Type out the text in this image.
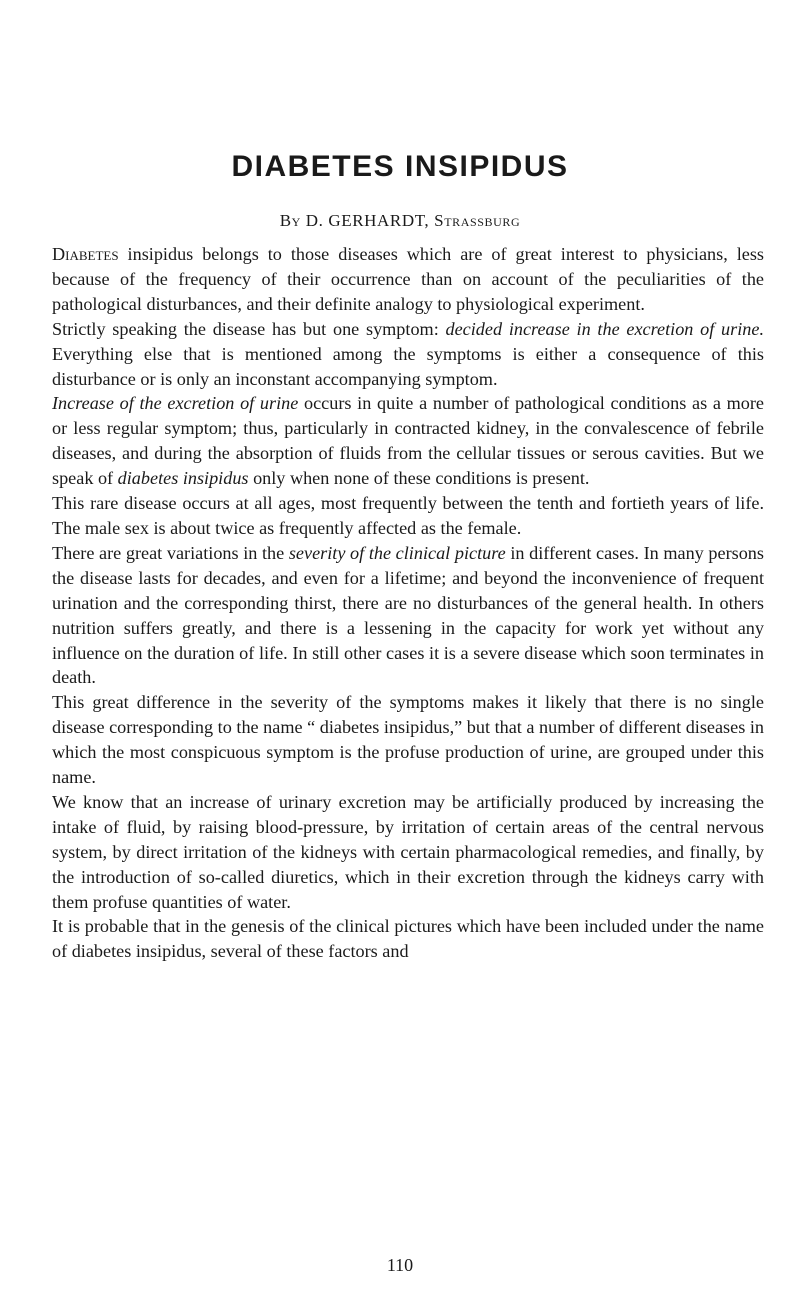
DIABETES INSIPIDUS
By D. GERHARDT, Strassburg

Diabetes insipidus belongs to those diseases which are of great interest to physicians, less because of the frequency of their occurrence than on account of the peculiarities of the pathological disturbances, and their definite analogy to physiological experiment.

Strictly speaking the disease has but one symptom: decided increase in the excretion of urine. Everything else that is mentioned among the symptoms is either a consequence of this disturbance or is only an inconstant accompanying symptom.

Increase of the excretion of urine occurs in quite a number of pathological conditions as a more or less regular symptom; thus, particularly in contracted kidney, in the convalescence of febrile diseases, and during the absorption of fluids from the cellular tissues or serous cavities. But we speak of diabetes insipidus only when none of these conditions is present.

This rare disease occurs at all ages, most frequently between the tenth and fortieth years of life. The male sex is about twice as frequently affected as the female.

There are great variations in the severity of the clinical picture in different cases. In many persons the disease lasts for decades, and even for a lifetime; and beyond the inconvenience of frequent urination and the corresponding thirst, there are no disturbances of the general health. In others nutrition suffers greatly, and there is a lessening in the capacity for work yet without any influence on the duration of life. In still other cases it is a severe disease which soon terminates in death.

This great difference in the severity of the symptoms makes it likely that there is no single disease corresponding to the name “ diabetes insipidus,” but that a number of different diseases in which the most conspicuous symptom is the profuse production of urine, are grouped under this name.

We know that an increase of urinary excretion may be artificially produced by increasing the intake of fluid, by raising blood-pressure, by irritation of certain areas of the central nervous system, by direct irritation of the kidneys with certain pharmacological remedies, and finally, by the introduction of so-called diuretics, which in their excretion through the kidneys carry with them profuse quantities of water.

It is probable that in the genesis of the clinical pictures which have been included under the name of diabetes insipidus, several of these factors and

110
